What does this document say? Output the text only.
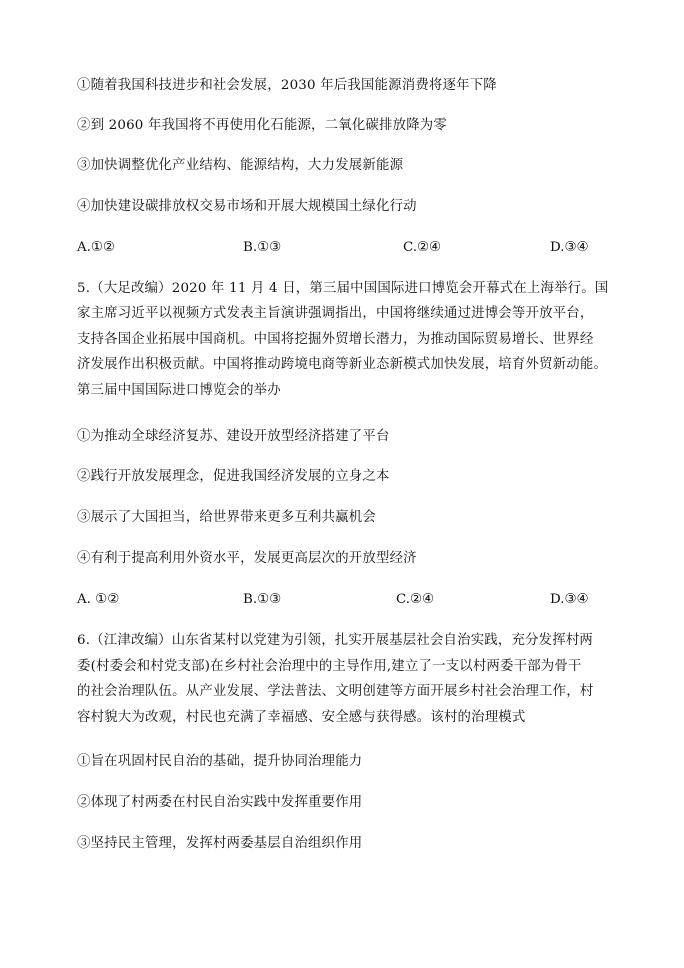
①随着我国科技进步和社会发展，2030 年后我国能源消费将逐年下降
②到 2060 年我国将不再使用化石能源，二氧化碳排放降为零
③加快调整优化产业结构、能源结构，大力发展新能源
④加快建设碳排放权交易市场和开展大规模国土绿化行动
A.①②	B.①③	C.②④	D.③④
5.（大足改编）2020 年 11 月 4 日，第三届中国国际进口博览会开幕式在上海举行。国
家主席习近平以视频方式发表主旨演讲强调指出，中国将继续通过进博会等开放平台，
支持各国企业拓展中国商机。中国将挖掘外贸增长潜力，为推动国际贸易增长、世界经
济发展作出积极贡献。中国将推动跨境电商等新业态新模式加快发展，培育外贸新动能。
第三届中国国际进口博览会的举办
①为推动全球经济复苏、建设开放型经济搭建了平台
②践行开放发展理念，促进我国经济发展的立身之本
③展示了大国担当，给世界带来更多互利共赢机会
④有利于提高利用外资水平，发展更高层次的开放型经济
A. ①②	B.①③	C.②④	D.③④
6.（江津改编）山东省某村以党建为引领，扎实开展基层社会自治实践，充分发挥村两
委(村委会和村党支部)在乡村社会治理中的主导作用,建立了一支以村两委干部为骨干
的社会治理队伍。从产业发展、学法普法、文明创建等方面开展乡村社会治理工作，村
容村貌大为改观，村民也充满了幸福感、安全感与获得感。该村的治理模式
①旨在巩固村民自治的基础，提升协同治理能力
②体现了村两委在村民自治实践中发挥重要作用
③坚持民主管理，发挥村两委基层自治组织作用
